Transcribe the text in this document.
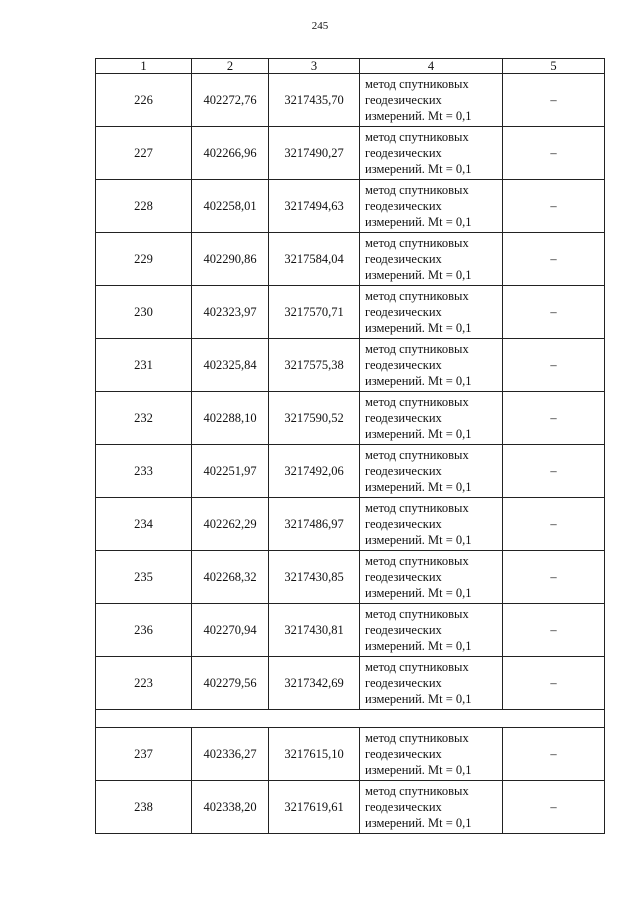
245
1	2	3	4	5
226	402272,76	3217435,70	метод спутниковых
геодезических
измерений. Mt = 0,1	–
227	402266,96	3217490,27	метод спутниковых
геодезических
измерений. Mt = 0,1	–
228	402258,01	3217494,63	метод спутниковых
геодезических
измерений. Mt = 0,1	–
229	402290,86	3217584,04	метод спутниковых
геодезических
измерений. Mt = 0,1	–
230	402323,97	3217570,71	метод спутниковых
геодезических
измерений. Mt = 0,1	–
231	402325,84	3217575,38	метод спутниковых
геодезических
измерений. Mt = 0,1	–
232	402288,10	3217590,52	метод спутниковых
геодезических
измерений. Mt = 0,1	–
233	402251,97	3217492,06	метод спутниковых
геодезических
измерений. Mt = 0,1	–
234	402262,29	3217486,97	метод спутниковых
геодезических
измерений. Mt = 0,1	–
235	402268,32	3217430,85	метод спутниковых
геодезических
измерений. Mt = 0,1	–
236	402270,94	3217430,81	метод спутниковых
геодезических
измерений. Mt = 0,1	–
223	402279,56	3217342,69	метод спутниковых
геодезических
измерений. Mt = 0,1	–

237	402336,27	3217615,10	метод спутниковых
геодезических
измерений. Mt = 0,1	–
238	402338,20	3217619,61	метод спутниковых
геодезических
измерений. Mt = 0,1	–
